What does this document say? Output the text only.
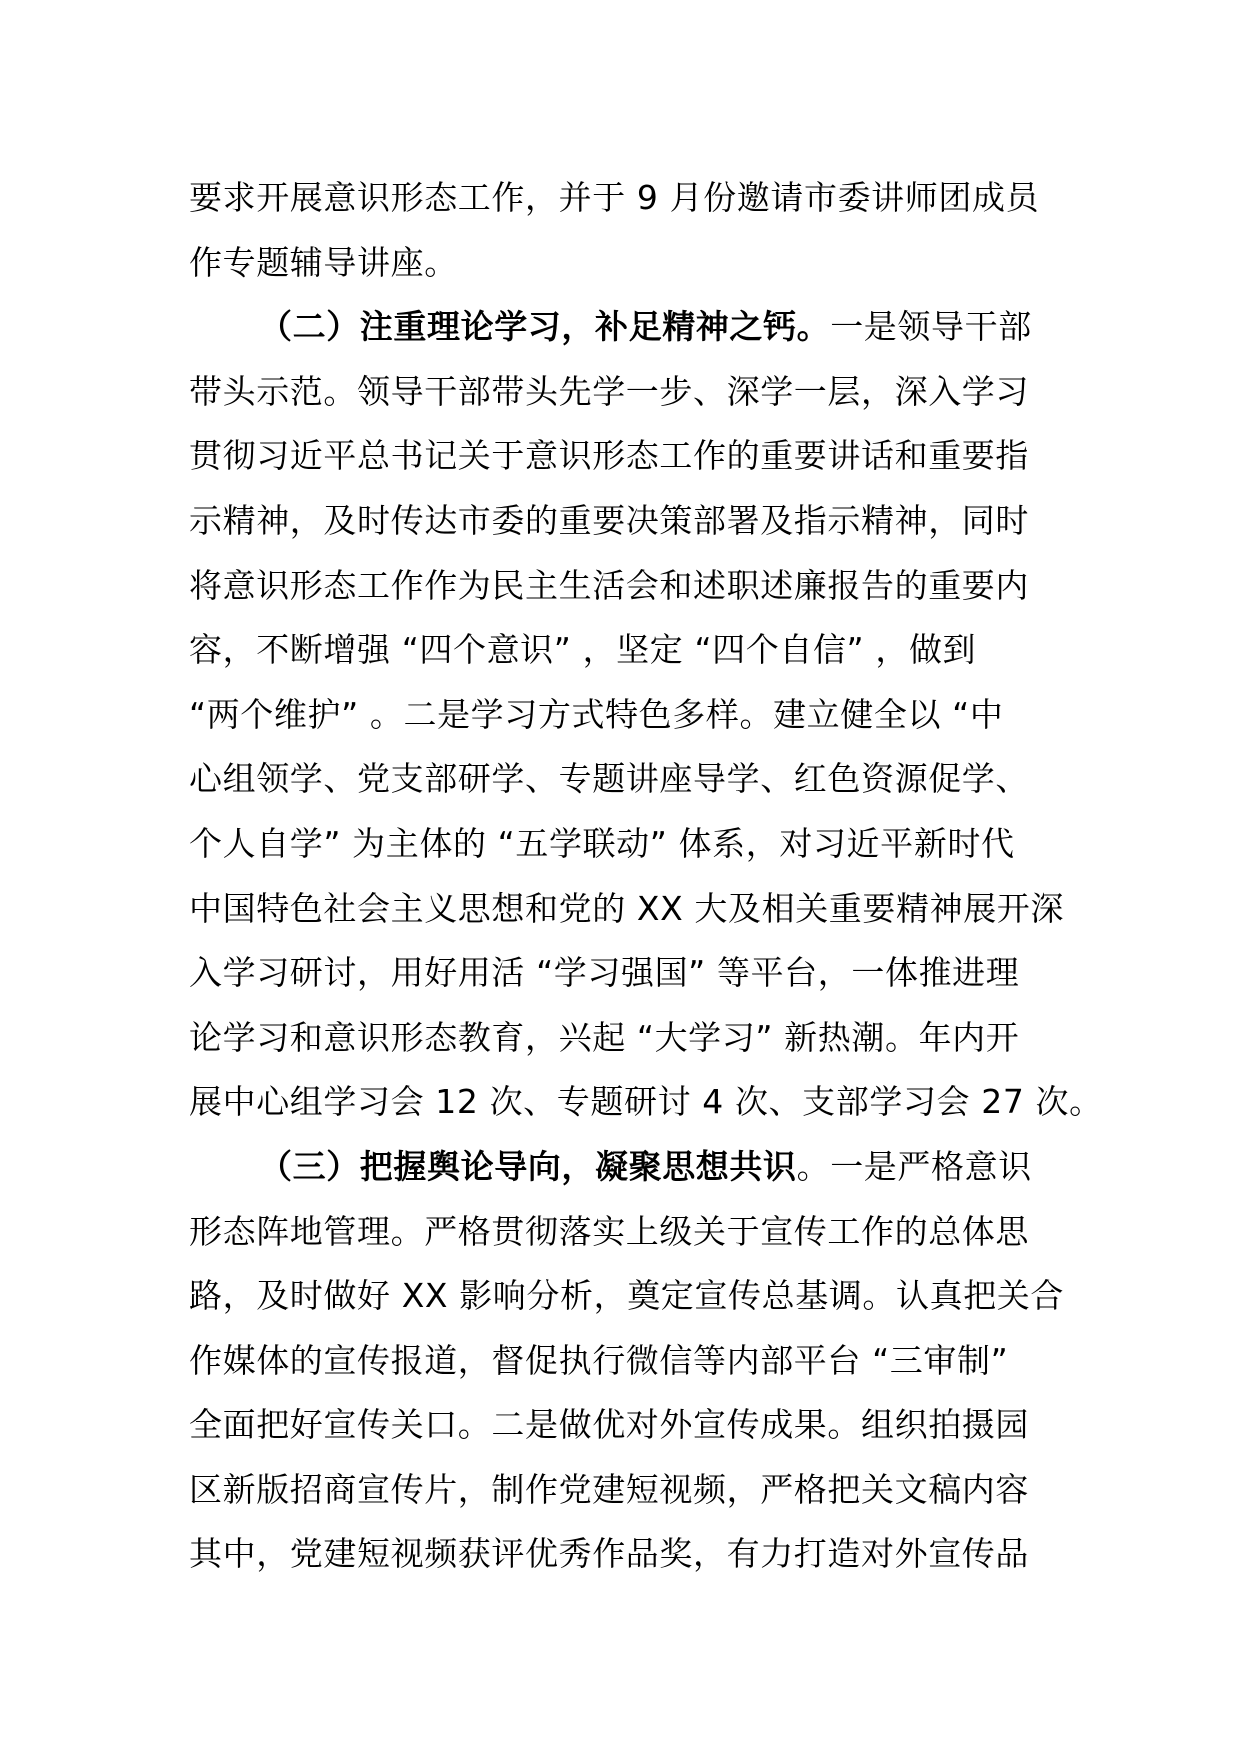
要求开展意识形态工作，并于 9 月份邀请市委讲师团成员
作专题辅导讲座。
（二）注重理论学习，补足精神之钙。一是领导干部
带头示范。领导干部带头先学一步、深学一层，深入学习
贯彻习近平总书记关于意识形态工作的重要讲话和重要指
示精神，及时传达市委的重要决策部署及指示精神，同时
将意识形态工作作为民主生活会和述职述廉报告的重要内
容，不断增强 “四个意识” ，坚定 “四个自信” ，做到
“两个维护” 。二是学习方式特色多样。建立健全以 “中
心组领学、党支部研学、专题讲座导学、红色资源促学、
个人自学” 为主体的 “五学联动” 体系，对习近平新时代
中国特色社会主义思想和党的 XX 大及相关重要精神展开深
入学习研讨，用好用活 “学习强国” 等平台，一体推进理
论学习和意识形态教育，兴起 “大学习” 新热潮。年内开
展中心组学习会 12 次、专题研讨 4 次、支部学习会 27 次。
（三）把握舆论导向，凝聚思想共识。一是严格意识
形态阵地管理。严格贯彻落实上级关于宣传工作的总体思
路，及时做好 XX 影响分析，奠定宣传总基调。认真把关合
作媒体的宣传报道，督促执行微信等内部平台 “三审制”
全面把好宣传关口。二是做优对外宣传成果。组织拍摄园
区新版招商宣传片，制作党建短视频，严格把关文稿内容
其中，党建短视频获评优秀作品奖，有力打造对外宣传品
